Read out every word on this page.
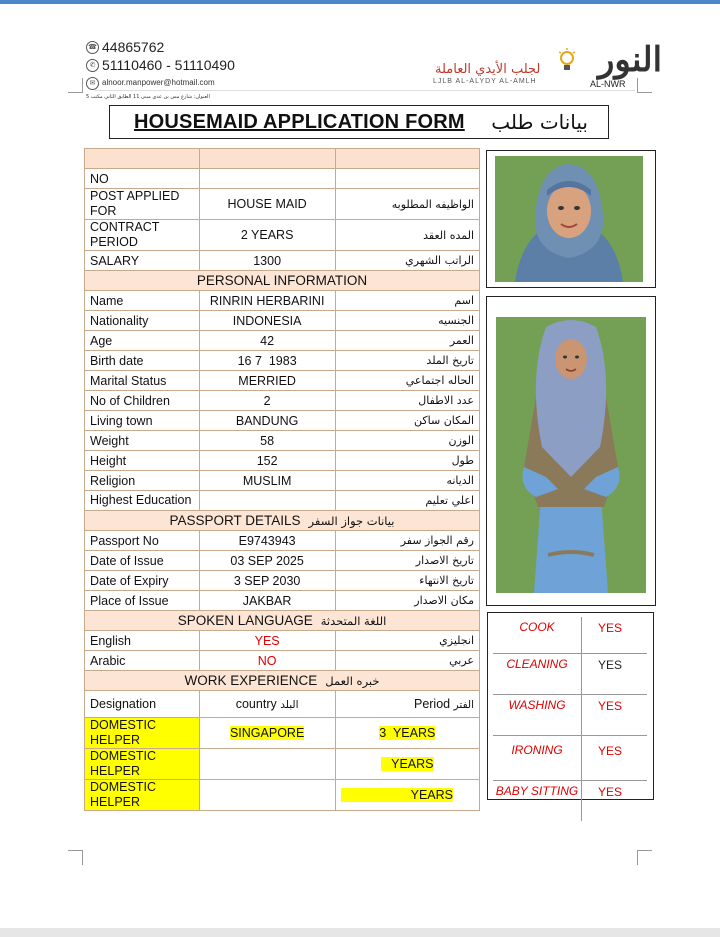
☎ 44865762
✆ 51110460 - 51110490
✉ alnoor.manpower@hotmail.com
العنوان: شارع مس بن عدي مبنى 11 الطابق الثاني مكتب 5
النور
لجلب الأيدي العاملة
LJLB AL-ALYDY AL-AMLH	AL-NWR
HOUSEMAID APPLICATION FORM بيانات طلب

NO		
POST APPLIED FOR	HOUSE MAID	الواظيفه المطلوبه
CONTRACT PERIOD	2 YEARS	المده العقد
SALARY	1300	الراتب الشهري
PERSONAL INFORMATION		
Name	RINRIN HERBARINI	اسم
Nationality	INDONESIA	الجنسيه
Age	42	العمر
Birth date	16 7  1983	تاريخ الملد
Marital Status	MERRIED	الحاله اجتماعي
No of Children	2	عدد الاطفال
Living town	BANDUNG	المكان ساكن
Weight	58	الوزن
Height	152	طول
Religion	MUSLIM	الديانه
Highest Education		اعلي تعليم
PASSPORT DETAILS بيانات جواز السفر		
Passport No	E9743943	رقم الجواز سفر
Date of Issue	03 SEP 2025	تاريخ الاصدار
Date of Expiry	3 SEP 2030	تاريخ الانتهاء
Place of Issue	JAKBAR	مكان الاصدار
SPOKEN LANGUAGE اللغة المتحدثة		
English	YES	انجليزي
Arabic	NO	عربي
WORK EXPERIENCE خبره العمل		
Designation	country البلد	Period الفتر
DOMESTIC HELPER	SINGAPORE	3  YEARS
DOMESTIC HELPER		YEARS
DOMESTIC HELPER		YEARS
COOK	YES
CLEANING	YES
WASHING	YES
IRONING	YES

BABY SITTING	YES
